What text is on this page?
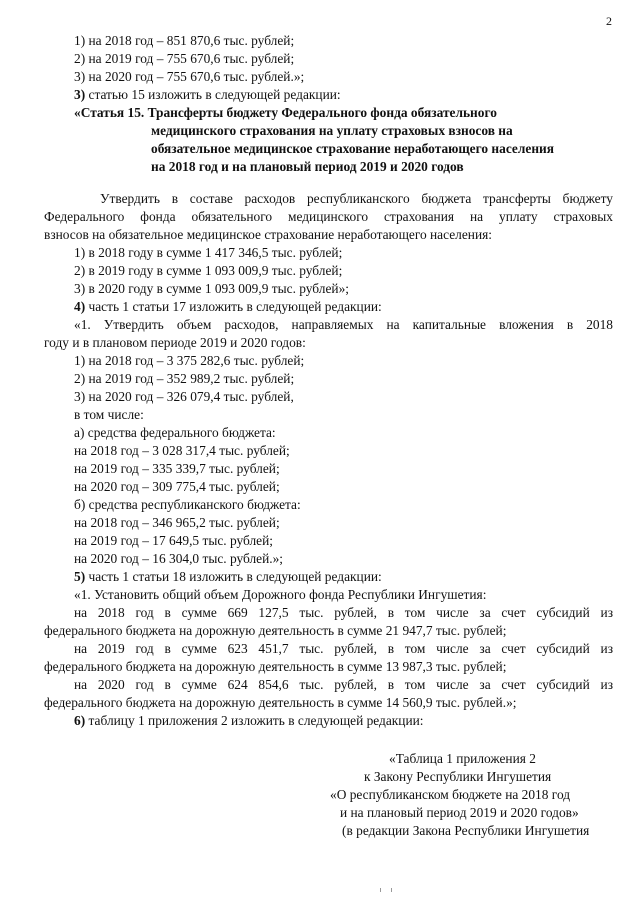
2
1) на 2018 год – 851 870,6 тыс. рублей;
2) на 2019 год – 755 670,6 тыс. рублей;
3) на 2020 год – 755 670,6 тыс. рублей.»;
3) статью 15 изложить в следующей редакции:
«Статья 15. Трансферты бюджету Федерального фонда обязательного
медицинского страхования на уплату страховых взносов на
обязательное медицинское страхование неработающего населения
на 2018 год и на плановый период 2019 и 2020 годов
Утвердить в составе расходов республиканского бюджета трансферты бюджету
Федерального фонда обязательного медицинского страхования на уплату страховых
взносов на обязательное медицинское страхование неработающего населения:
1) в 2018 году в сумме 1 417 346,5 тыс. рублей;
2) в 2019 году в сумме 1 093 009,9 тыс. рублей;
3) в 2020 году в сумме 1 093 009,9 тыс. рублей»;
4) часть 1 статьи 17 изложить в следующей редакции:
«1. Утвердить объем расходов, направляемых на капитальные вложения в 2018
году и в плановом периоде 2019 и 2020 годов:
1) на 2018 год – 3 375 282,6 тыс. рублей;
2) на 2019 год – 352 989,2 тыс. рублей;
3) на 2020 год – 326 079,4 тыс. рублей,
в том числе:
а) средства федерального бюджета:
на 2018 год – 3 028 317,4 тыс. рублей;
на 2019 год – 335 339,7 тыс. рублей;
на 2020 год – 309 775,4 тыс. рублей;
б) средства республиканского бюджета:
на 2018 год – 346 965,2 тыс. рублей;
на 2019 год – 17 649,5 тыс. рублей;
на 2020 год – 16 304,0 тыс. рублей.»;
5) часть 1 статьи 18 изложить в следующей редакции:
«1. Установить общий объем Дорожного фонда Республики Ингушетия:
на 2018 год в сумме 669 127,5 тыс. рублей, в том числе за счет субсидий из
федерального бюджета на дорожную деятельность в сумме 21 947,7 тыс. рублей;
на 2019 год в сумме 623 451,7 тыс. рублей, в том числе за счет субсидий из
федерального бюджета на дорожную деятельность в сумме 13 987,3 тыс. рублей;
на 2020 год в сумме 624 854,6 тыс. рублей, в том числе за счет субсидий из
федерального бюджета на дорожную деятельность в сумме 14 560,9 тыс. рублей.»;
6) таблицу 1 приложения 2 изложить в следующей редакции:
«Таблица 1 приложения 2
к Закону Республики Ингушетия
«О республиканском бюджете на 2018 год
и на плановый период 2019 и 2020 годов»
(в редакции Закона Республики Ингушетия
